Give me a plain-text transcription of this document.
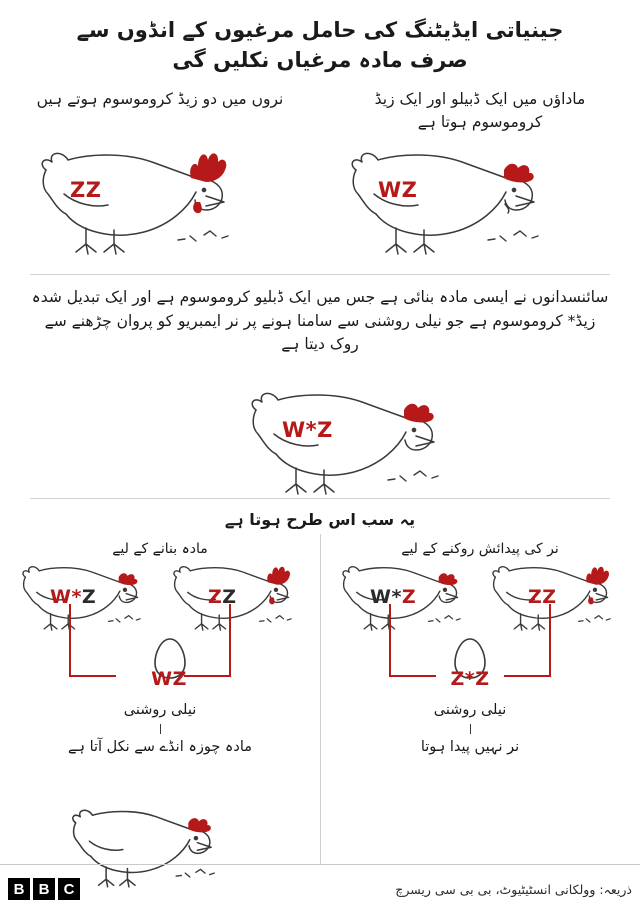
جینیاتی ایڈیٹنگ کی حامل مرغیوں کے انڈوں سے صرف مادہ مرغیاں نکلیں گی
ماداؤں میں ایک ڈبیلو اور ایک زیڈ کروموسوم ہوتا ہے
WZ
نروں میں دو زیڈ کروموسوم ہوتے ہیں
ZZ
سائنسدانوں نے ایسی مادہ بنائی ہے جس میں ایک ڈبلیو کروموسوم ہے اور ایک تبدیل شدہ زیڈ* کروموسوم ہے جو نیلی روشنی سے سامنا ہونے پر نر ایمبریو کو پروان چڑھنے سے روک دیتا ہے
W*Z
یہ سب اس طرح ہوتا ہے
نر کی پیدائش روکنے کے لیے
مادہ بنانے کے لیے
W*Z	ZZ
WZ
نیلی روشنی
مادہ چوزہ انڈے سے نکل آتا ہے
W*Z	ZZ
Z*Z
نیلی روشنی
نر نہیں پیدا ہوتا
B B C	ذریعہ: وولکانی انسٹیٹیوٹ، بی بی سی ریسرچ
